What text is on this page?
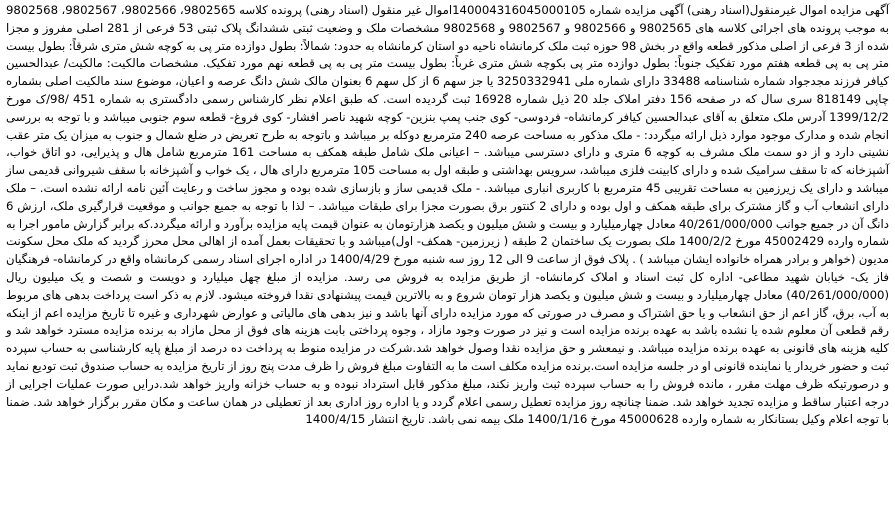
آگهی مزایده اموال غیرمنقول(اسناد رهنی) آگهی مزایده شماره 140004316045000105اموال غیر منقول (اسناد رهنی) پرونده کلاسه 9802565، 9802566، 9802567، 9802568 به موجب پرونده های اجرائی کلاسه های 9802565 و 9802566 و 9802567 و 9802568 مشخصات ملک و وضعیت ثبتی ششدانگ پلاک ثبتی 53 فرعی از 281 اصلی مفروز و مجزا شده از 3 فرعی از اصلی مذکور قطعه واقع در بخش 98 حوزه ثبت ملک کرمانشاه ناحیه دو استان کرمانشاه به حدود: شمالاً: بطول دوازده متر پی به کوچه شش متری شرقاً: بطول بیست متر پی به پی قطعه هفتم مورد تفکیک جنوباً: بطول دوازده متر پی بکوچه شش متری غرباً: بطول بیست متر پی به پی قطعه نهم مورد تفکیک. مشخصات مالکیت: مالکیت/ عبدالحسین کیافر فرزند مجدجواد شماره شناسنامه 33488 دارای شماره ملی 3250332941 یا جز سهم 6 از کل سهم 6 بعنوان مالک شش دانگ عرصه و اعیان، موضوع سند مالکیت اصلی بشماره چاپی 818149 سری سال که در صفحه 156 دفتر املاک جلد 20 ذیل شماره 16928 ثبت گردیده است. که طبق اعلام نظر کارشناس رسمی دادگستری به شماره 451 /98/ک مورخ 1399/12/2 آدرس ملک متعلق به آقای عبدالحسین کیافر کرمانشاه- فردوسی- کوی جنب پمپ بنزین- کوچه شهید ناصر افشار- کوی فروغ- قطعه سوم جنوبی میباشد و با توجه به بررسی انجام شده و مدارک موجود موارد ذیل ارائه میگردد: - ملک مذکور به مساحت عرصه 240 مترمربع دوکله بر میباشد و باتوجه به طرح تعریض در ضلع شمال و جنوب به میزان یک متر عقب نشینی دارد و از دو سمت ملک مشرف به کوچه 6 متری و دارای دسترسی میباشد. – اعیانی ملک شامل طبقه همکف به مساحت 161 مترمربع شامل هال و پذیرایی، دو اتاق خواب، آشپزخانه که تا سقف سرامیک شده و دارای کابینت فلزی میباشد، سرویس بهداشتی و طبقه اول به مساحت 105 مترمربع دارای هال ، یک خواب و آشپزخانه با سقف شیروانی قدیمی ساز میباشد و دارای یک زیرزمین به مساحت تقریبی 45 مترمربع با کاربری انباری میباشد. - ملک قدیمی ساز و بازسازی شده بوده و مجوز ساخت و رعایت آئین نامه ارائه نشده است. – ملک دارای انشعاب آب و گاز مشترک برای طبقه همکف و اول بوده و دارای 2 کنتور برق بصورت مجزا برای طبقات میباشد. – لذا با توجه به جمیع جوانب و موقعیت قرارگیری ملک، ارزش 6 دانگ آن در جمیع جوانب 40/261/000/000 معادل چهارمیلیارد و بیست و شش میلیون و یکصد هزارتومان به عنوان قیمت پایه مزایده برآورد و ارائه میگردد.که برابر گزارش مامور اجرا به شماره وارده 45002429 مورخ 1400/2/2 ملک بصورت یک ساختمان 2 طبقه ( زیرزمین- همکف- اول)میباشد و با تحقیقات بعمل آمده از اهالی محل محرز گردید که ملک محل سکونت مدیون (خواهر و برادر همراه خانواده ایشان میباشد ) . پلاک فوق از ساعت 9 الی 12 روز سه شنبه مورخ 1400/4/29 در اداره اجرای اسناد رسمی کرمانشاه واقع در کرمانشاه- فرهنگیان فاز یک- خیابان شهید مطاعی- اداره کل ثبت اسناد و املاک کرمانشاه- از طریق مزایده به فروش می رسد. مزایده از مبلغ چهل میلیارد و دویست و شصت و یک میلیون ریال (40/261/000/000) معادل چهارمیلیارد و بیست و شش میلیون و یکصد هزار تومان شروع و به بالاترین قیمت پیشنهادی نقدا فروخته میشود. لازم به ذکر است پرداخت بدهی های مربوط به آب، برق، گاز اعم از حق انشعاب و یا حق اشتراک و مصرف در صورتی که مورد مزایده دارای آنها باشد و نیز بدهی های مالیاتی و عوارض شهرداری و غیره تا تاریخ مزایده اعم از اینکه رقم قطعی آن معلوم شده یا نشده باشد به عهده برنده مزایده است و نیز در صورت وجود مازاد ، وجوه پرداختی بابت هزینه های فوق از محل مازاد به برنده مزایده مسترد خواهد شد و کلیه هزینه های قانونی به عهده برنده مزایده میباشد. و نیمعشر و حق مزایده نقدا وصول خواهد شد.شرکت در مزایده منوط به پرداخت ده درصد از مبلغ پایه کارشناسی به حساب سپرده ثبت و حضور خریدار یا نماینده قانونی او در جلسه مزایده است.برنده مزایده مکلف است ما به التفاوت مبلغ فروش را ظرف مدت پنج روز از تاریخ مزایده به حساب صندوق ثبت تودیع نماید و درصورتیکه ظرف مهلت مقرر ، مانده فروش را به حساب سپرده ثبت واریز نکند، مبلغ مذکور قابل استرداد نبوده و به حساب خزانه واریز خواهد شد.درایں صورت عملیات اجرایی از درجه اعتبار ساقط و مزایده تجدید خواهد شد. ضمنا چنانچه روز مزایده تعطیل رسمی اعلام گردد و یا اداره روز اداری بعد از تعطیلی در همان ساعت و مکان مقرر برگزار خواهد شد. ضمنا با توجه اعلام وکیل بستانکار به شماره وارده 45000628 مورخ 1400/1/16 ملک بیمه نمی باشد. تاریخ انتشار 1400/4/15
